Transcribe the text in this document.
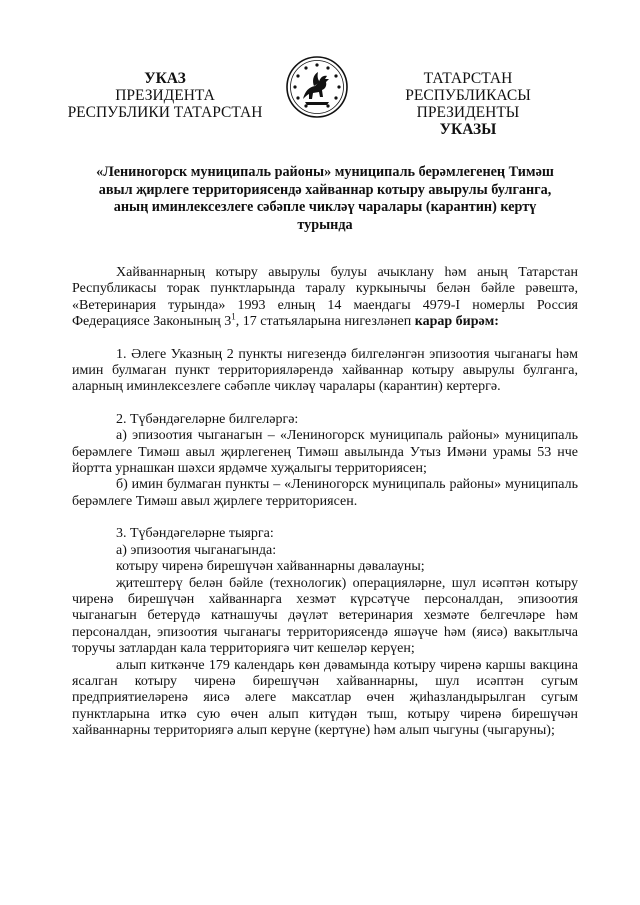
УКАЗ
ПРЕЗИДЕНТА
РЕСПУБЛИКИ ТАТАРСТАН
ТАТАРСТАН РЕСПУБЛИКАСЫ
ПРЕЗИДЕНТЫ
УКАЗЫ
«Лениногорск муниципаль районы» муниципаль берәмлегенең Тимәш
авыл җирлеге территориясендә хайваннар котыру авырулы булганга,
аның иминлексезлеге сәбәпле чикләү чаралары (карантин) кертү
турында

Хайваннарның котыру авырулы булуы ачыклану һәм аның Татарстан Республикасы торак пунктларында таралу куркынычы белән бәйле рәвештә, «Ветеринария турында» 1993 елның 14 маендагы 4979-I номерлы Россия Федерациясе Законының $3^1$, 17 статьяларына нигезләнеп карар бирәм:

1. Әлеге Указның 2 пункты нигезендә билгеләнгән эпизоотия чыганагы һәм имин булмаган пункт территорияләрендә хайваннар котыру авырулы булганга, аларның иминлексезлеге сәбәпле чикләү чаралары (карантин) кертергә.

2. Түбәндәгеләрне билгеләргә:

а) эпизоотия чыганагын – «Лениногорск муниципаль районы» муниципаль берәмлеге Тимәш авыл җирлегенең Тимәш авылында Утыз Имәни урамы 53 нче йортта урнашкан шәхси ярдәмче хуҗалыгы территориясен;

б) имин булмаган пункты – «Лениногорск муниципаль районы» муниципаль берәмлеге Тимәш авыл җирлеге территориясен.

3. Түбәндәгеләрне тыярга:

а) эпизоотия чыганагында:

котыру чиренә бирешүчән хайваннарны дәвалауны;

җитештерү белән бәйле (технологик) операцияләрне, шул исәптән котыру чиренә бирешүчән хайваннарга хезмәт күрсәтүче персоналдан, эпизоотия чыганагын бетерүдә катнашучы дәүләт ветеринария хезмәте белгечләре һәм персоналдан, эпизоотия чыганагы территориясендә яшәүче һәм (яисә) вакытлыча торучы затлардан кала территориягә чит кешеләр керүен;

алып киткәнче 179 календарь көн дәвамында котыру чиренә каршы вакцина ясалган котыру чиренә бирешүчән хайваннарны, шул исәптән сугым предприятиеләренә яисә әлеге максатлар өчен җиһазландырылган сугым пунктларына иткә сую өчен алып китүдән тыш, котыру чиренә бирешүчән хайваннарны территориягә алып керүне (кертүне) һәм алып чыгуны (чыгаруны);
